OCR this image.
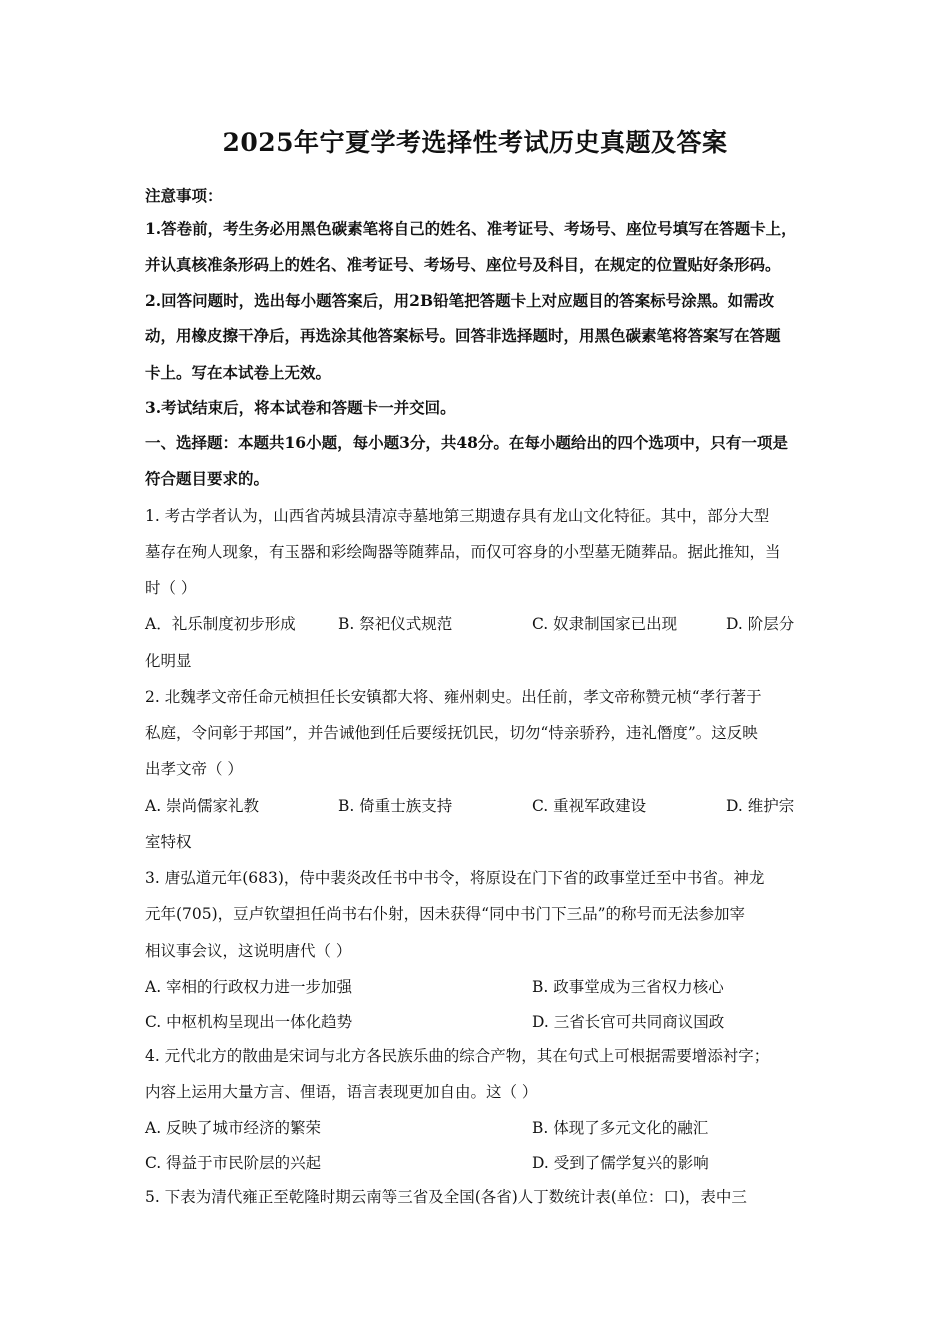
2025年宁夏学考选择性考试历史真题及答案
注意事项：
1.答卷前，考生务必用黑色碳素笔将自己的姓名、准考证号、考场号、座位号填写在答题卡上，
并认真核准条形码上的姓名、准考证号、考场号、座位号及科目，在规定的位置贴好条形码。
2.回答问题时，选出每小题答案后，用2B铅笔把答题卡上对应题目的答案标号涂黑。如需改
动，用橡皮擦干净后，再选涂其他答案标号。回答非选择题时，用黑色碳素笔将答案写在答题
卡上。写在本试卷上无效。
3.考试结束后，将本试卷和答题卡一并交回。
一、选择题：本题共16小题，每小题3分，共48分。在每小题给出的四个选项中，只有一项是
符合题目要求的。
1. 考古学者认为，山西省芮城县清凉寺墓地第三期遗存具有龙山文化特征。其中，部分大型
墓存在殉人现象，有玉器和彩绘陶器等随葬品，而仅可容身的小型墓无随葬品。据此推知，当
时（ ）
A．礼乐制度初步形成	B. 祭祀仪式规范	C. 奴隶制国家已出现	D. 阶层分
化明显
2. 北魏孝文帝任命元桢担任长安镇都大将、雍州刺史。出任前，孝文帝称赞元桢“孝行著于
私庭，令问彰于邦国”，并告诫他到任后要绥抚饥民，切勿“恃亲骄矜，违礼僭度”。这反映
出孝文帝（ ）
A. 崇尚儒家礼教	B. 倚重士族支持	C. 重视军政建设	D. 维护宗
室特权
3. 唐弘道元年(683)，侍中裴炎改任书中书令，将原设在门下省的政事堂迁至中书省。神龙
元年(705)，豆卢钦望担任尚书右仆射，因未获得“同中书门下三品”的称号而无法参加宰
相议事会议，这说明唐代（ ）
A. 宰相的行政权力进一步加强	B. 政事堂成为三省权力核心
C. 中枢机构呈现出一体化趋势	D. 三省长官可共同商议国政
4. 元代北方的散曲是宋词与北方各民族乐曲的综合产物，其在句式上可根据需要增添衬字；
内容上运用大量方言、俚语，语言表现更加自由。这（ ）
A. 反映了城市经济的繁荣	B. 体现了多元文化的融汇
C. 得益于市民阶层的兴起	D. 受到了儒学复兴的影响
5. 下表为清代雍正至乾隆时期云南等三省及全国(各省)人丁数统计表(单位：口)，表中三
